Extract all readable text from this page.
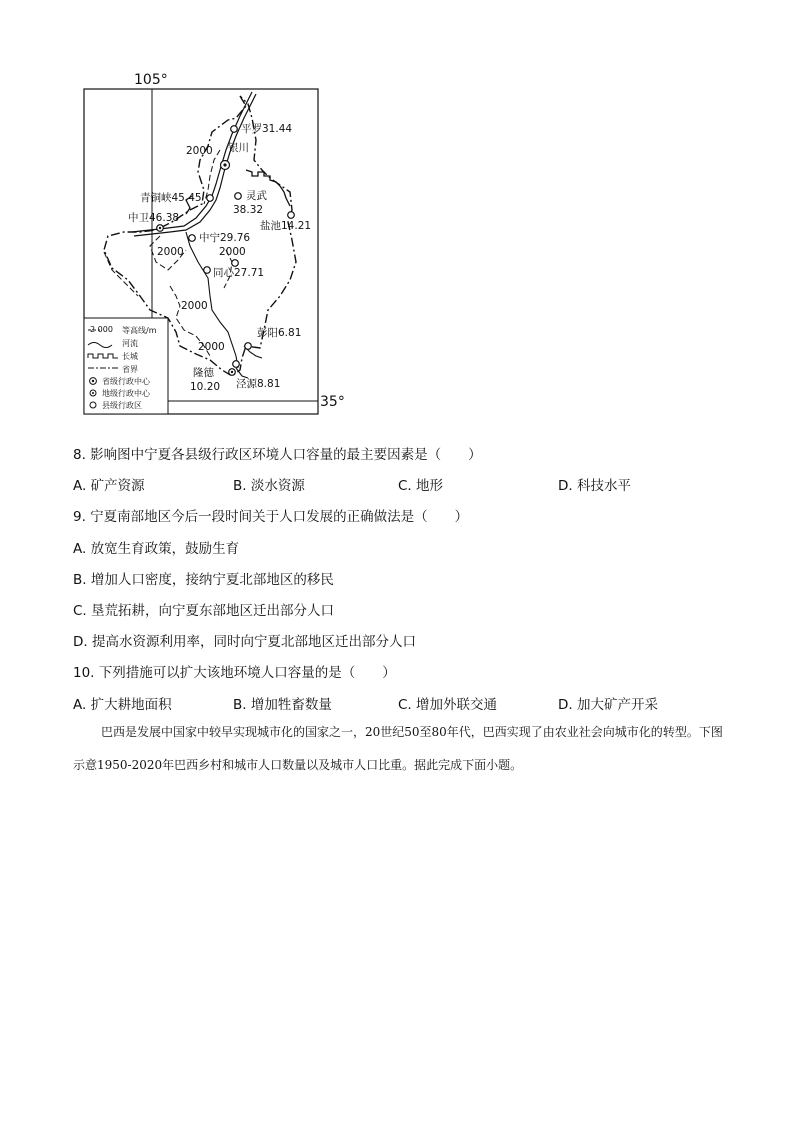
105°
35°
平罗31.44
银川
青铜峡45.45	灵武
38.32
中卫46.38
盐池14.21
中宁29.76
同心27.71
彭阳6.81
隆德
10.20 泾源8.81
2000
2000
2000
2000
2000
2 000 等高线/m
河流
长城
省界
省级行政中心
地级行政中心
县级行政区
8. 影响图中宁夏各县级行政区环境人口容量的最主要因素是（　　）
A. 矿产资源	B. 淡水资源	C. 地形	D. 科技水平
9. 宁夏南部地区今后一段时间关于人口发展的正确做法是（　　）
A. 放宽生育政策，鼓励生育
B. 增加人口密度，接纳宁夏北部地区的移民
C. 垦荒拓耕，向宁夏东部地区迁出部分人口
D. 提高水资源利用率，同时向宁夏北部地区迁出部分人口
10. 下列措施可以扩大该地环境人口容量的是（　　）
A. 扩大耕地面积	B. 增加牲畜数量	C. 增加外联交通	D. 加大矿产开采
巴西是发展中国家中较早实现城市化的国家之一，20世纪50至80年代，巴西实现了由农业社会向城市化的转型。下图示意1950-2020年巴西乡村和城市人口数量以及城市人口比重。据此完成下面小题。
